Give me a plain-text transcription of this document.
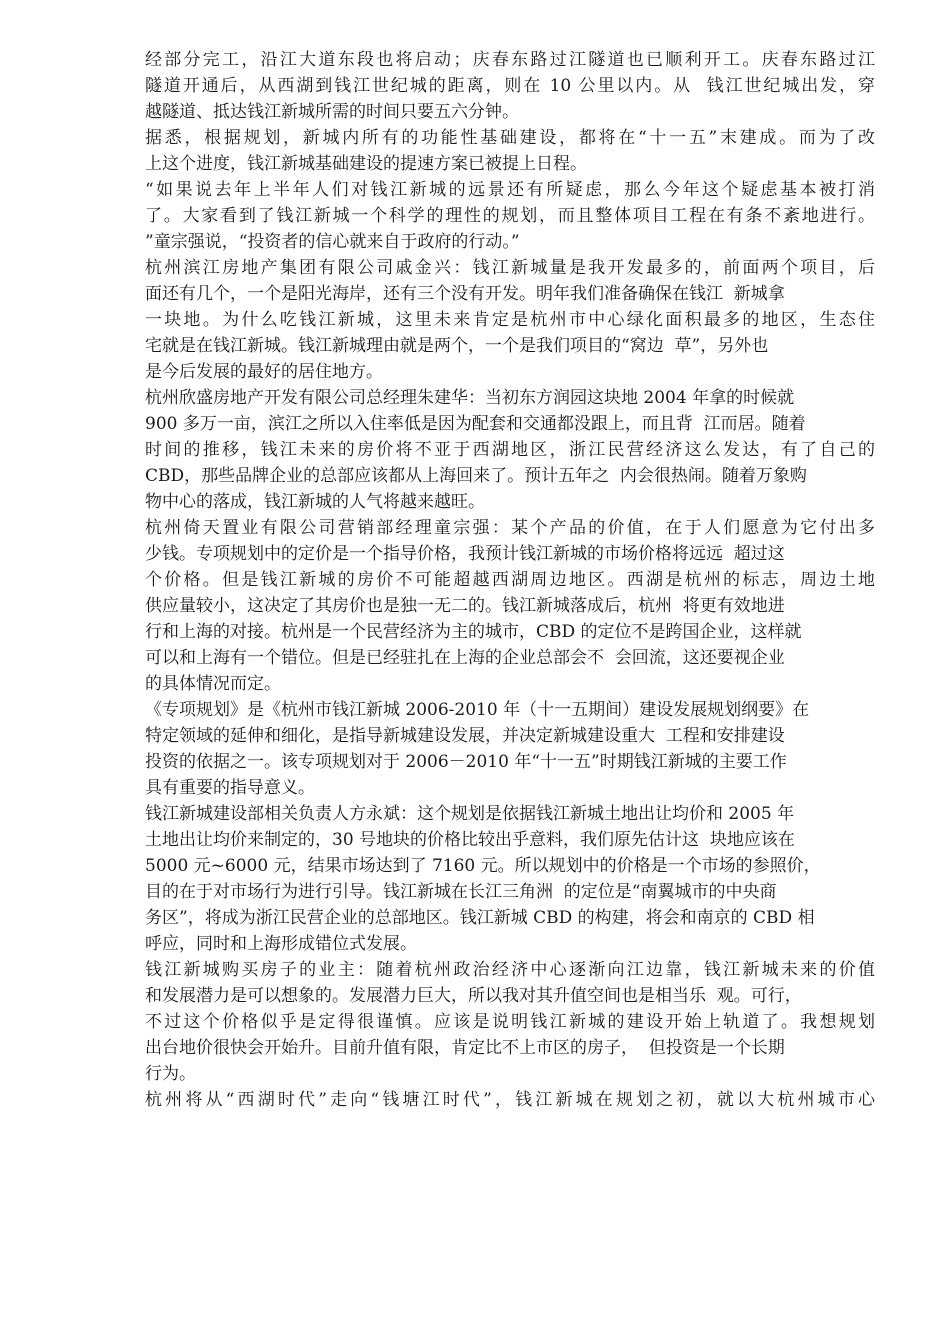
经部分完工，沿江大道东段也将启动；庆春东路过江隧道也已顺利开工。庆春东路过江
隧道开通后，从西湖到钱江世纪城的距离，则在 10 公里以内。从  钱江世纪城出发，穿
越隧道、抵达钱江新城所需的时间只要五六分钟。
据悉，根据规划，新城内所有的功能性基础建设，都将在“十一五”末建成。而为了改
上这个进度，钱江新城基础建设的提速方案已被提上日程。
“如果说去年上半年人们对钱江新城的远景还有所疑虑，那么今年这个疑虑基本被打消
了。大家看到了钱江新城一个科学的理性的规划，而且整体项目工程在有条不紊地进行。
”童宗强说，“投资者的信心就来自于政府的行动。”
杭州滨江房地产集团有限公司戚金兴：钱江新城量是我开发最多的，前面两个项目，后
面还有几个，一个是阳光海岸，还有三个没有开发。明年我们准备确保在钱江  新城拿
一块地。为什么吃钱江新城，这里未来肯定是杭州市中心绿化面积最多的地区，生态住
宅就是在钱江新城。钱江新城理由就是两个，一个是我们项目的“窝边  草”，另外也
是今后发展的最好的居住地方。
杭州欣盛房地产开发有限公司总经理朱建华：当初东方润园这块地 2004 年拿的时候就
900 多万一亩，滨江之所以入住率低是因为配套和交通都没跟上，而且背  江而居。随着
时间的推移，钱江未来的房价将不亚于西湖地区，浙江民营经济这么发达，有了自己的
CBD，那些品牌企业的总部应该都从上海回来了。预计五年之  内会很热闹。随着万象购
物中心的落成，钱江新城的人气将越来越旺。
杭州倚天置业有限公司营销部经理童宗强：某个产品的价值，在于人们愿意为它付出多
少钱。专项规划中的定价是一个指导价格，我预计钱江新城的市场价格将远远  超过这
个价格。但是钱江新城的房价不可能超越西湖周边地区。西湖是杭州的标志，周边土地
供应量较小，这决定了其房价也是独一无二的。钱江新城落成后，杭州  将更有效地进
行和上海的对接。杭州是一个民营经济为主的城市，CBD 的定位不是跨国企业，这样就
可以和上海有一个错位。但是已经驻扎在上海的企业总部会不  会回流，这还要视企业
的具体情况而定。
《专项规划》是《杭州市钱江新城 2006-2010 年（十一五期间）建设发展规划纲要》在
特定领域的延伸和细化，是指导新城建设发展，并决定新城建设重大  工程和安排建设
投资的依据之一。该专项规划对于 2006－2010 年“十一五”时期钱江新城的主要工作
具有重要的指导意义。
钱江新城建设部相关负责人方永斌：这个规划是依据钱江新城土地出让均价和 2005 年
土地出让均价来制定的，30 号地块的价格比较出乎意料，我们原先估计这  块地应该在
5000 元~6000 元，结果市场达到了 7160 元。所以规划中的价格是一个市场的参照价，
目的在于对市场行为进行引导。钱江新城在长江三角洲  的定位是“南翼城市的中央商
务区”，将成为浙江民营企业的总部地区。钱江新城 CBD 的构建，将会和南京的 CBD 相
呼应，同时和上海形成错位式发展。
钱江新城购买房子的业主：随着杭州政治经济中心逐渐向江边靠，钱江新城未来的价值
和发展潜力是可以想象的。发展潜力巨大，所以我对其升值空间也是相当乐  观。可行，
不过这个价格似乎是定得很谨慎。应该是说明钱江新城的建设开始上轨道了。我想规划
出台地价很快会开始升。目前升值有限，肯定比不上市区的房子，  但投资是一个长期
行为。
杭州将从“西湖时代”走向“钱塘江时代”，钱江新城在规划之初，就以大杭州城市心
